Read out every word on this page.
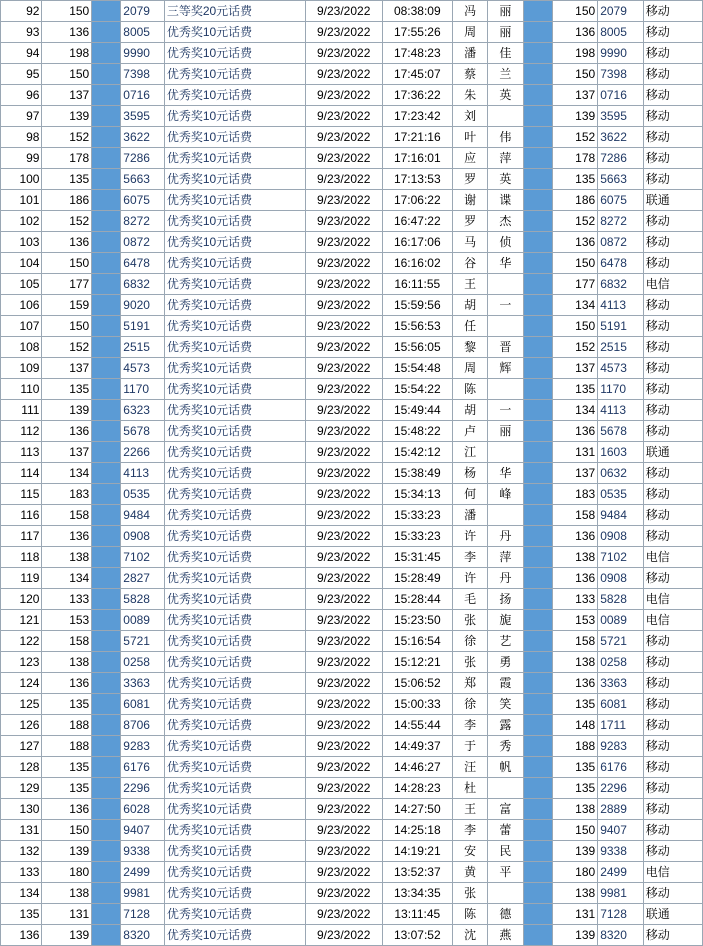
92	150		2079	三等奖20元话费	9/23/2022	08:38:09	冯	丽		150	2079	移动
93	136		8005	优秀奖10元话费	9/23/2022	17:55:26	周	丽		136	8005	移动
94	198		9990	优秀奖10元话费	9/23/2022	17:48:23	潘	佳		198	9990	移动
95	150		7398	优秀奖10元话费	9/23/2022	17:45:07	蔡	兰		150	7398	移动
96	137		0716	优秀奖10元话费	9/23/2022	17:36:22	朱	英		137	0716	移动
97	139		3595	优秀奖10元话费	9/23/2022	17:23:42	刘			139	3595	移动
98	152		3622	优秀奖10元话费	9/23/2022	17:21:16	叶	伟		152	3622	移动
99	178		7286	优秀奖10元话费	9/23/2022	17:16:01	应	萍		178	7286	移动
100	135		5663	优秀奖10元话费	9/23/2022	17:13:53	罗	英		135	5663	移动
101	186		6075	优秀奖10元话费	9/23/2022	17:06:22	谢	谍		186	6075	联通
102	152		8272	优秀奖10元话费	9/23/2022	16:47:22	罗	杰		152	8272	移动
103	136		0872	优秀奖10元话费	9/23/2022	16:17:06	马	侦		136	0872	移动
104	150		6478	优秀奖10元话费	9/23/2022	16:16:02	谷	华		150	6478	移动
105	177		6832	优秀奖10元话费	9/23/2022	16:11:55	王			177	6832	电信
106	159		9020	优秀奖10元话费	9/23/2022	15:59:56	胡	一		134	4113	移动
107	150		5191	优秀奖10元话费	9/23/2022	15:56:53	任			150	5191	移动
108	152		2515	优秀奖10元话费	9/23/2022	15:56:05	黎	晋		152	2515	移动
109	137		4573	优秀奖10元话费	9/23/2022	15:54:48	周	辉		137	4573	移动
110	135		1170	优秀奖10元话费	9/23/2022	15:54:22	陈			135	1170	移动
111	139		6323	优秀奖10元话费	9/23/2022	15:49:44	胡	一		134	4113	移动
112	136		5678	优秀奖10元话费	9/23/2022	15:48:22	卢	丽		136	5678	移动
113	137		2266	优秀奖10元话费	9/23/2022	15:42:12	江			131	1603	联通
114	134		4113	优秀奖10元话费	9/23/2022	15:38:49	杨	华		137	0632	移动
115	183		0535	优秀奖10元话费	9/23/2022	15:34:13	何	峰		183	0535	移动
116	158		9484	优秀奖10元话费	9/23/2022	15:33:23	潘			158	9484	移动
117	136		0908	优秀奖10元话费	9/23/2022	15:33:23	许	丹		136	0908	移动
118	138		7102	优秀奖10元话费	9/23/2022	15:31:45	李	萍		138	7102	电信
119	134		2827	优秀奖10元话费	9/23/2022	15:28:49	许	丹		136	0908	移动
120	133		5828	优秀奖10元话费	9/23/2022	15:28:44	毛	扬		133	5828	电信
121	153		0089	优秀奖10元话费	9/23/2022	15:23:50	张	旎		153	0089	电信
122	158		5721	优秀奖10元话费	9/23/2022	15:16:54	徐	艺		158	5721	移动
123	138		0258	优秀奖10元话费	9/23/2022	15:12:21	张	勇		138	0258	移动
124	136		3363	优秀奖10元话费	9/23/2022	15:06:52	郑	霞		136	3363	移动
125	135		6081	优秀奖10元话费	9/23/2022	15:00:33	徐	笑		135	6081	移动
126	188		8706	优秀奖10元话费	9/23/2022	14:55:44	李	露		148	1711	移动
127	188		9283	优秀奖10元话费	9/23/2022	14:49:37	于	秀		188	9283	移动
128	135		6176	优秀奖10元话费	9/23/2022	14:46:27	汪	帆		135	6176	移动
129	135		2296	优秀奖10元话费	9/23/2022	14:28:23	杜			135	2296	移动
130	136		6028	优秀奖10元话费	9/23/2022	14:27:50	王	富		138	2889	移动
131	150		9407	优秀奖10元话费	9/23/2022	14:25:18	李	蕾		150	9407	移动
132	139		9338	优秀奖10元话费	9/23/2022	14:19:21	安	民		139	9338	移动
133	180		2499	优秀奖10元话费	9/23/2022	13:52:37	黄	平		180	2499	电信
134	138		9981	优秀奖10元话费	9/23/2022	13:34:35	张			138	9981	移动
135	131		7128	优秀奖10元话费	9/23/2022	13:11:45	陈	德		131	7128	联通
136	139		8320	优秀奖10元话费	9/23/2022	13:07:52	沈	燕		139	8320	移动
